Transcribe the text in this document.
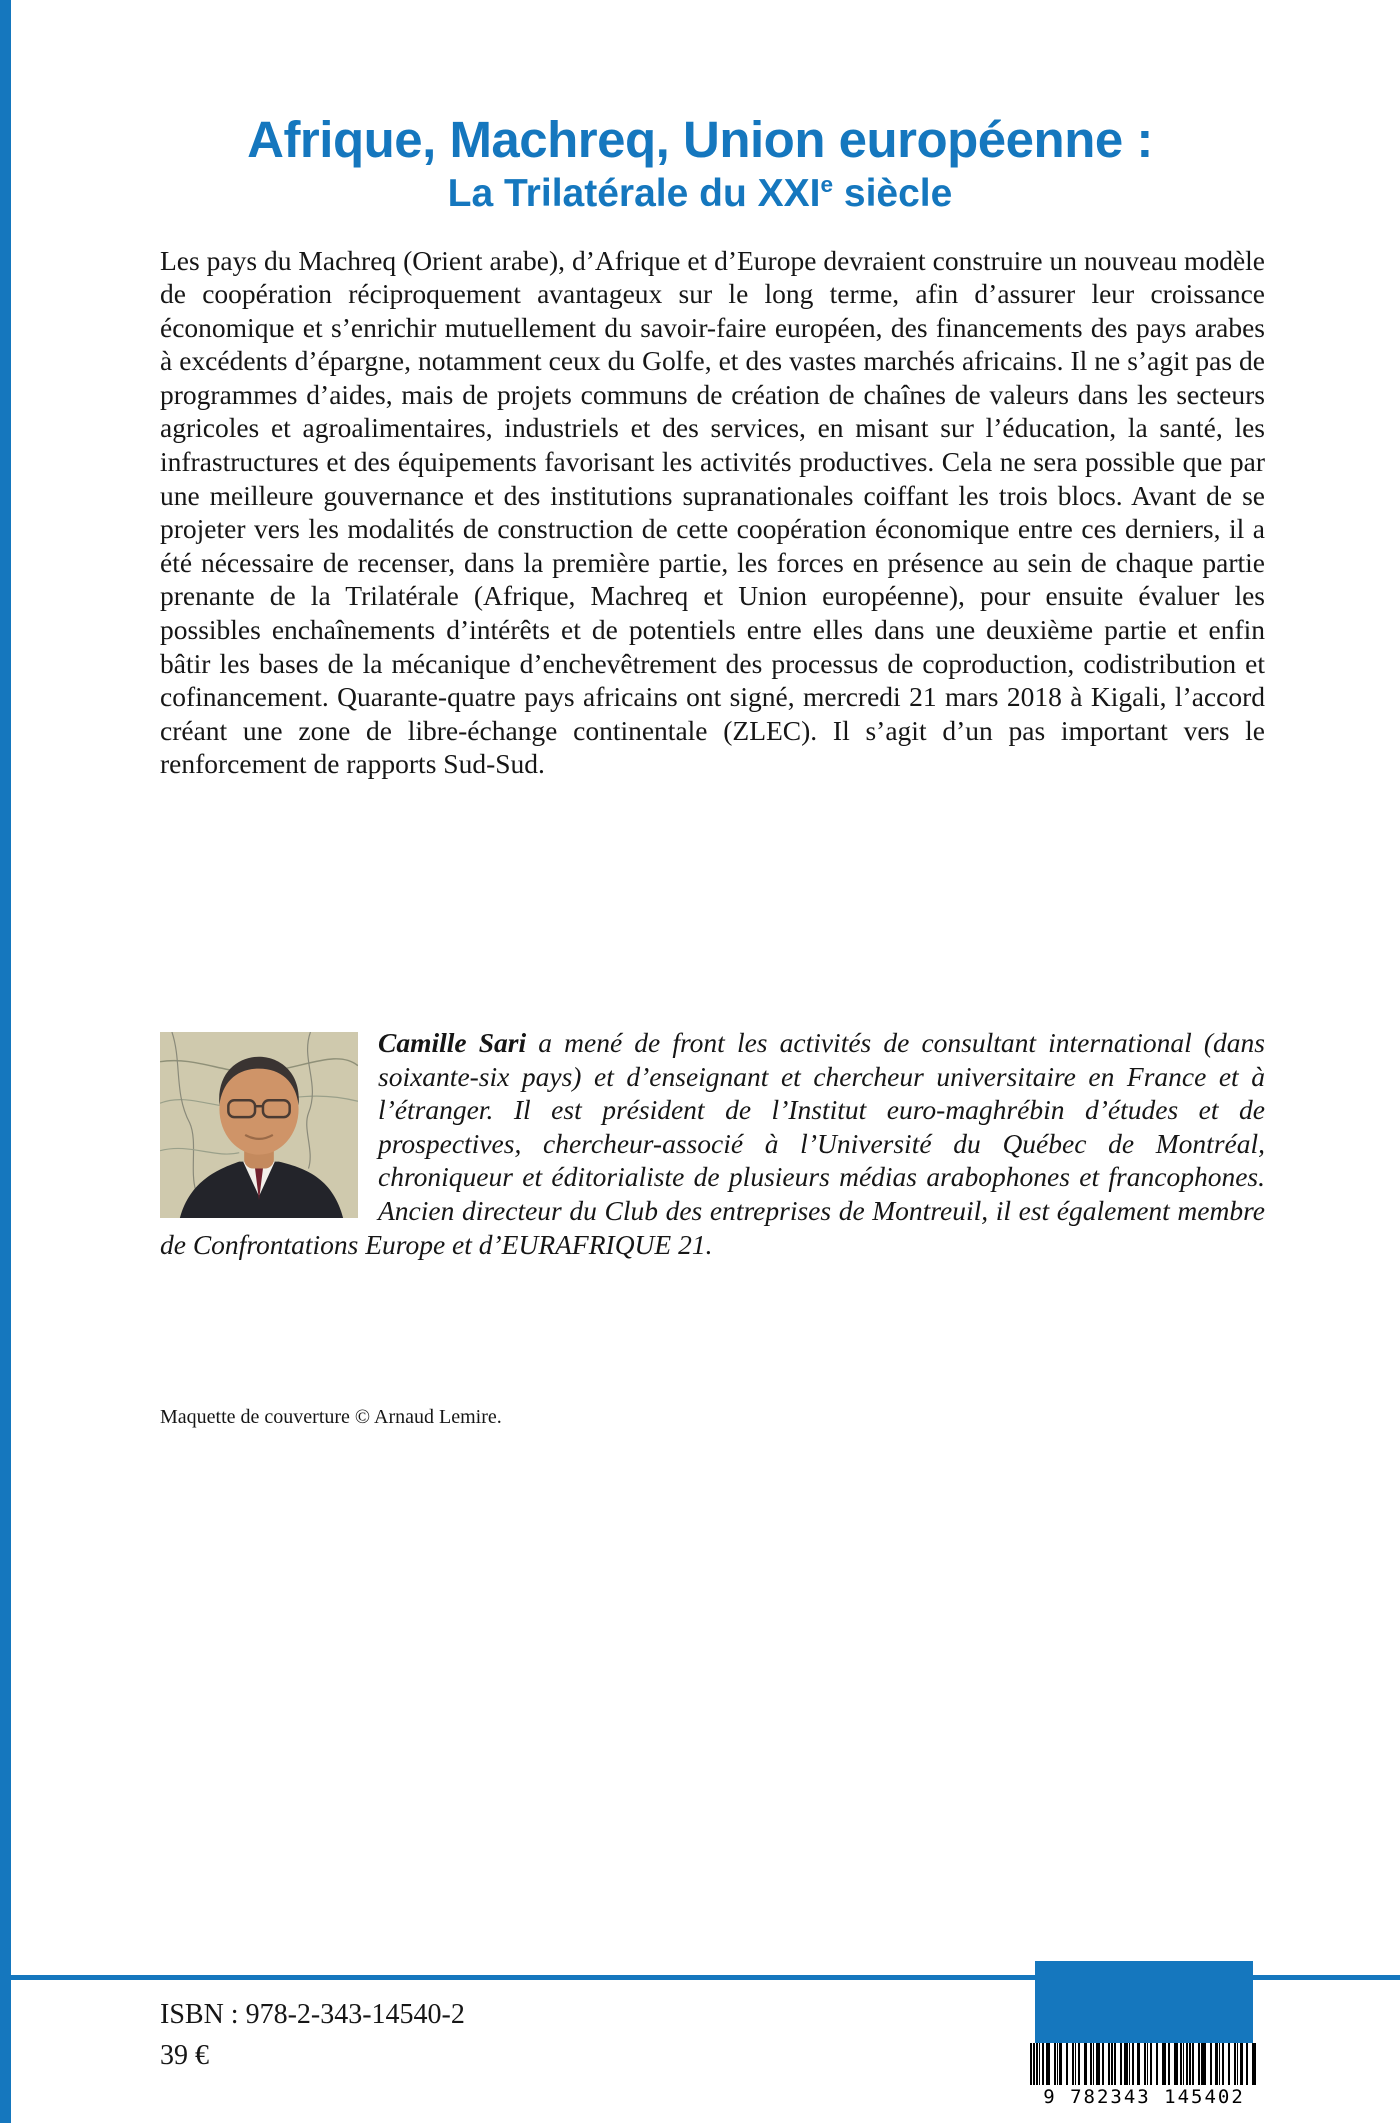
Afrique, Machreq, Union européenne :
La Trilatérale du XXIe siècle

Les pays du Machreq (Orient arabe), d’Afrique et d’Europe devraient construire un nouveau modèle de coopération réciproquement avantageux sur le long terme, afin d’assurer leur croissance économique et s’enrichir mutuellement du savoir-faire européen, des financements des pays arabes à excédents d’épargne, notamment ceux du Golfe, et des vastes marchés africains. Il ne s’agit pas de programmes d’aides, mais de projets communs de création de chaînes de valeurs dans les secteurs agricoles et agroalimentaires, industriels et des services, en misant sur l’éducation, la santé, les infrastructures et des équipements favorisant les activités productives. Cela ne sera possible que par une meilleure gouvernance et des institutions supranationales coiffant les trois blocs. Avant de se projeter vers les modalités de construction de cette coopération économique entre ces derniers, il a été nécessaire de recenser, dans la première partie, les forces en présence au sein de chaque partie prenante de la Trilatérale (Afrique, Machreq et Union européenne), pour ensuite évaluer les possibles enchaînements d’intérêts et de potentiels entre elles dans une deuxième partie et enfin bâtir les bases de la mécanique d’enchevêtrement des processus de coproduction, codistribution et cofinancement. Quarante-quatre pays africains ont signé, mercredi 21 mars 2018 à Kigali, l’accord créant une zone de libre-échange continentale (ZLEC). Il s’agit d’un pas important vers le renforcement de rapports Sud-Sud.

Camille Sari a mené de front les activités de consultant international (dans soixante-six pays) et d’enseignant et chercheur universitaire en France et à l’étranger. Il est président de l’Institut euro-maghrébin d’études et de prospectives, chercheur-associé à l’Université du Québec de Montréal, chroniqueur et éditorialiste de plusieurs médias arabophones et francophones. Ancien directeur du Club des entreprises de Montreuil, il est également membre de Confrontations Europe et d’EURAFRIQUE 21.

Maquette de couverture © Arnaud Lemire.

ISBN : 978-2-343-14540-2
39 €
9 782343 145402
